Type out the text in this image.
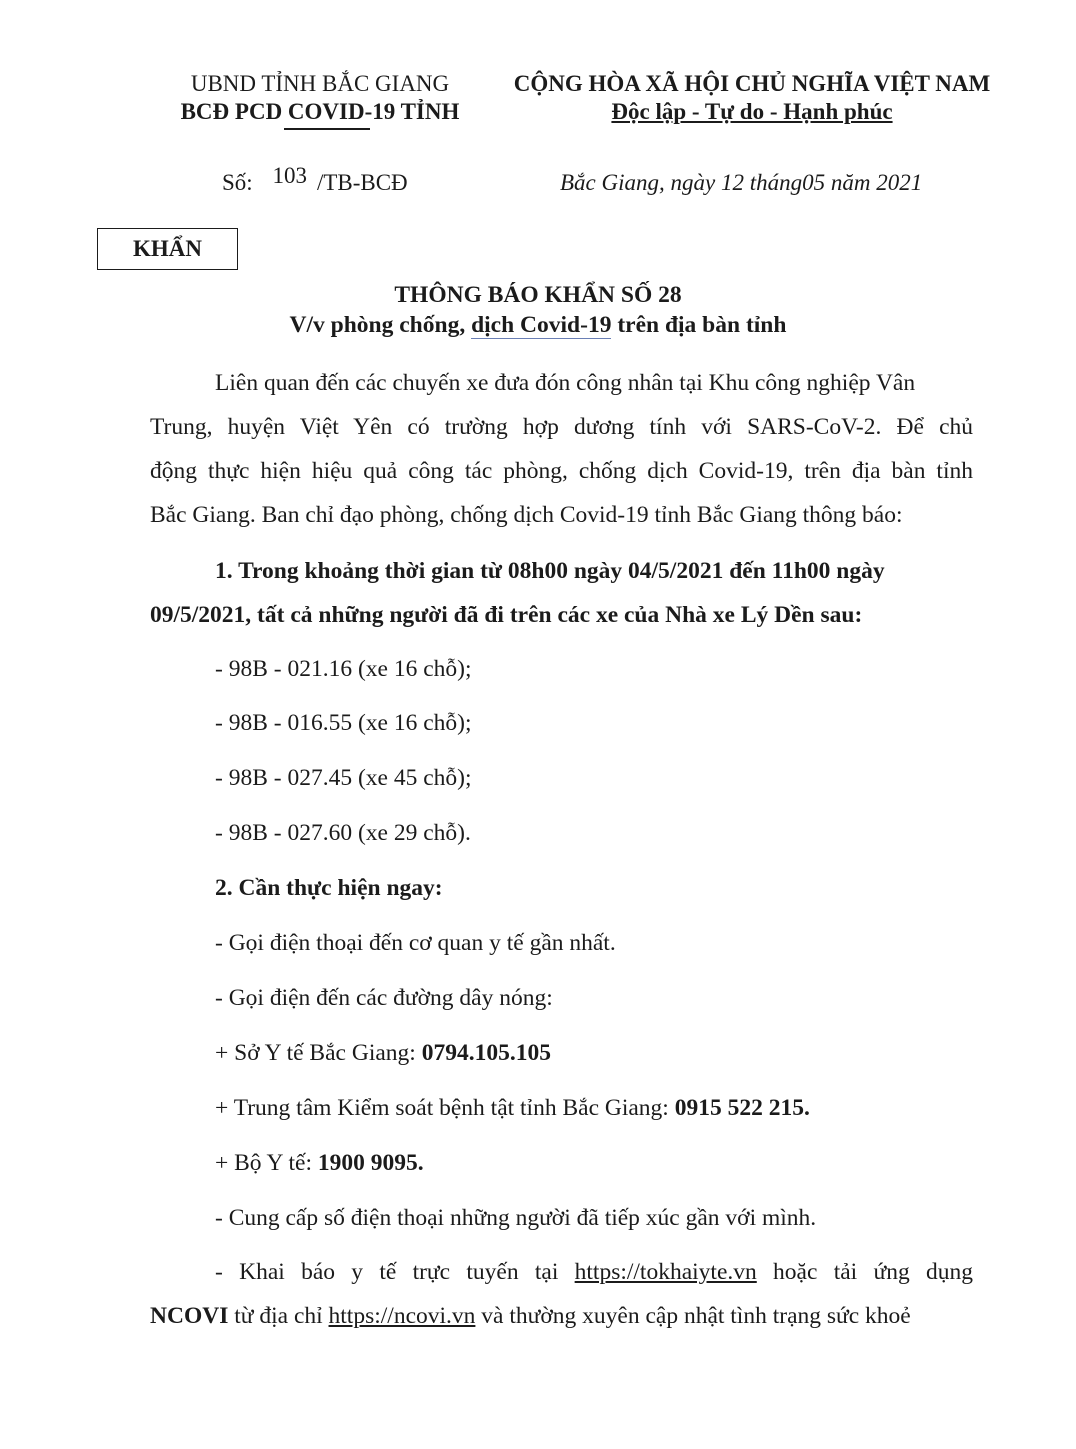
UBND TỈNH BẮC GIANG
BCĐ PCD COVID-19 TỈNH
CỘNG HÒA XÃ HỘI CHỦ NGHĨA VIỆT NAM
Độc lập - Tự do - Hạnh phúc
Số: 103 /TB-BCĐ	Bắc Giang, ngày 12 tháng05 năm 2021
KHẨN
THÔNG BÁO KHẨN SỐ 28
V/v phòng chống, dịch Covid-19 trên địa bàn tỉnh
Liên quan đến các chuyến xe đưa đón công nhân tại Khu công nghiệp Vân
Trung, huyện Việt Yên có trường hợp dương tính với SARS-CoV-2. Để chủ
động thực hiện hiệu quả công tác phòng, chống dịch Covid-19, trên địa bàn tỉnh
Bắc Giang. Ban chỉ đạo phòng, chống dịch Covid-19 tỉnh Bắc Giang thông báo:
1. Trong khoảng thời gian từ 08h00 ngày 04/5/2021 đến 11h00 ngày
09/5/2021, tất cả những người đã đi trên các xe của Nhà xe Lý Dền sau:
- 98B - 021.16 (xe 16 chỗ);
- 98B - 016.55 (xe 16 chỗ);
- 98B - 027.45 (xe 45 chỗ);
- 98B - 027.60 (xe 29 chỗ).
2. Cần thực hiện ngay:
- Gọi điện thoại đến cơ quan y tế gần nhất.
- Gọi điện đến các đường dây nóng:
+ Sở Y tế Bắc Giang: 0794.105.105
+ Trung tâm Kiểm soát bệnh tật tỉnh Bắc Giang: 0915 522 215.
+ Bộ Y tế: 1900 9095.
- Cung cấp số điện thoại những người đã tiếp xúc gần với mình.
- Khai báo y tế trực tuyến tại https://tokhaiyte.vn hoặc tải ứng dụng
NCOVI từ địa chỉ https://ncovi.vn và thường xuyên cập nhật tình trạng sức khoẻ
